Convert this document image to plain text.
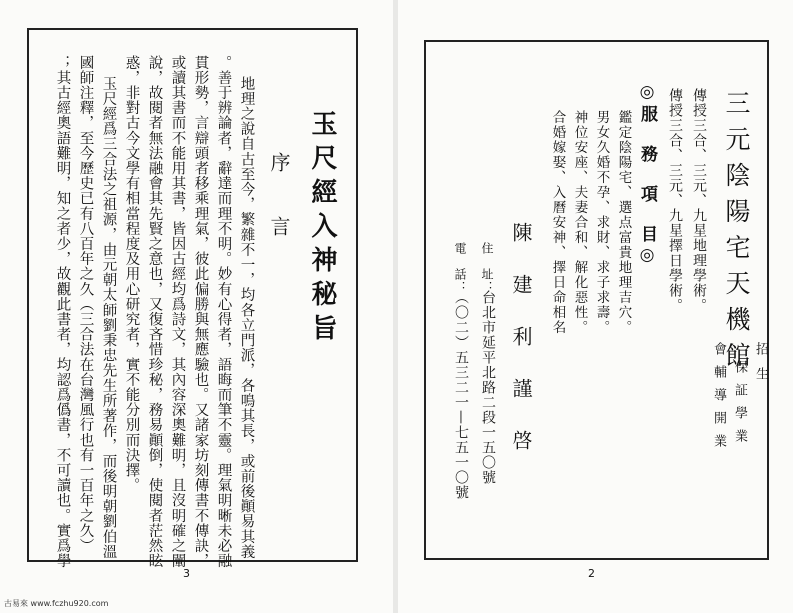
玉尺經入神秘旨
序　言
地理之說自古至今，繁雜不一，均各立門派，各鳴其長，或前後顚易其義
。善于辨論者，辭達而理不明。妙有心得者，語晦而筆不靈。理氣明晰未必融
貫形勢，言辯頭者移乘理氣，彼此偏勝與無應驗也。又諸家坊刻傳書不傳訣，
或讀其書而不能用其書，皆因古經均爲詩文，其內容深奧難明，且沒明確之闡
說，故閱者無法融會其先賢之意也，又復吝惜珍秘，務易顚倒，使閱者茫然眩
惑，非對古今文學有相當程度及用心研究者，實不能分別而決擇。
玉尺經爲三合法之祖源，由元朝太師劉秉忠先生所著作，而後明朝劉伯溫
國師注釋，至今歷史已有八百年之久（三合法在台灣風行也有一百年之久）
；其古經奧語難明，知之者少，故觀此書者，均認爲僞書，不可讀也。實爲學
3
三元陰陽宅天機館 招生
保証學業
會輔導開業
傳授三合、三元、九星地理學術。
傳授三合、三元、九星擇日學術。
◎服　務　項　目◎
鑑定陰陽宅、選点富貴地理吉穴。
男女久婚不孕、求財、求子求壽。
神位安座、夫妻合和、解化惡性。
合婚嫁娶、入曆安神、擇日命相名
陳　建　利　謹　啓
住　址：
台北市延平北路二段一五〇號
電　話：
（〇二）五三二一—七五一〇號
2
古易來 www.fczhu920.com
